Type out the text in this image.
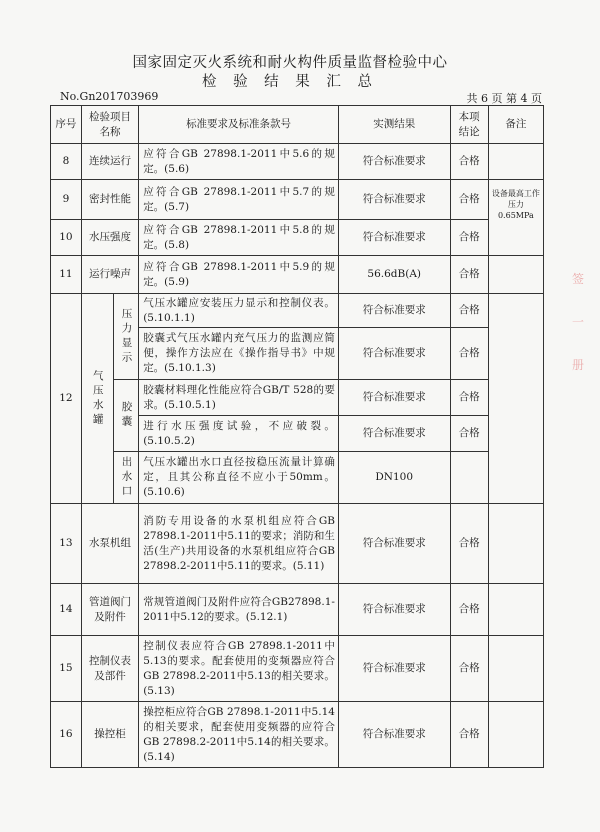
国家固定灭火系统和耐火构件质量监督检验中心
检 验 结 果 汇 总
No.Gn201703969	共 6 页 第 4 页
序号	检验项目名称		标准要求及标准条款号	实测结果	本项结论	备注
8	连续运行		应符合GB 27898.1-2011中5.6的规定。(5.6)	符合标准要求	合格	
9	密封性能		应符合GB 27898.1-2011中5.7的规定。(5.7)	符合标准要求	合格	设备最高工作压力0.65MPa
10	水压强度		应符合GB 27898.1-2011中5.8的规定。(5.8)	符合标准要求	合格	
11	运行噪声		应符合GB 27898.1-2011中5.9的规定。(5.9)	56.6dB(A)	合格	
12	气压水罐	压力显示	气压水罐应安装压力显示和控制仪表。(5.10.1.1)	符合标准要求	合格	
			胶囊式气压水罐内充气压力的监测应简便，操作方法应在《操作指导书》中规定。(5.10.1.3)	符合标准要求	合格	

		胶囊	胶囊材料理化性能应符合GB/T 528的要求。(5.10.5.1)	符合标准要求	合格	
			进行水压强度试验，不应破裂。(5.10.5.2)	符合标准要求	合格	

		出水口	气压水罐出水口直径按稳压流量计算确定，且其公称直径不应小于50mm。(5.10.6)	DN100		
13	水泵机组		消防专用设备的水泵机组应符合GB 27898.1-2011中5.11的要求；消防和生活(生产)共用设备的水泵机组应符合GB 27898.2-2011中5.11的要求。(5.11)	符合标准要求	合格	
14	管道阀门及附件		常规管道阀门及附件应符合GB27898.1-2011中5.12的要求。(5.12.1)	符合标准要求	合格	
15	控制仪表及部件		控制仪表应符合GB 27898.1-2011中5.13的要求。配套使用的变频器应符合GB 27898.2-2011中5.13的相关要求。(5.13)	符合标准要求	合格	
16	操控柜		操控柜应符合GB 27898.1-2011中5.14的相关要求，配套使用变频器的应符合GB 27898.2-2011中5.14的相关要求。(5.14)	符合标准要求	合格	
签
一
册
